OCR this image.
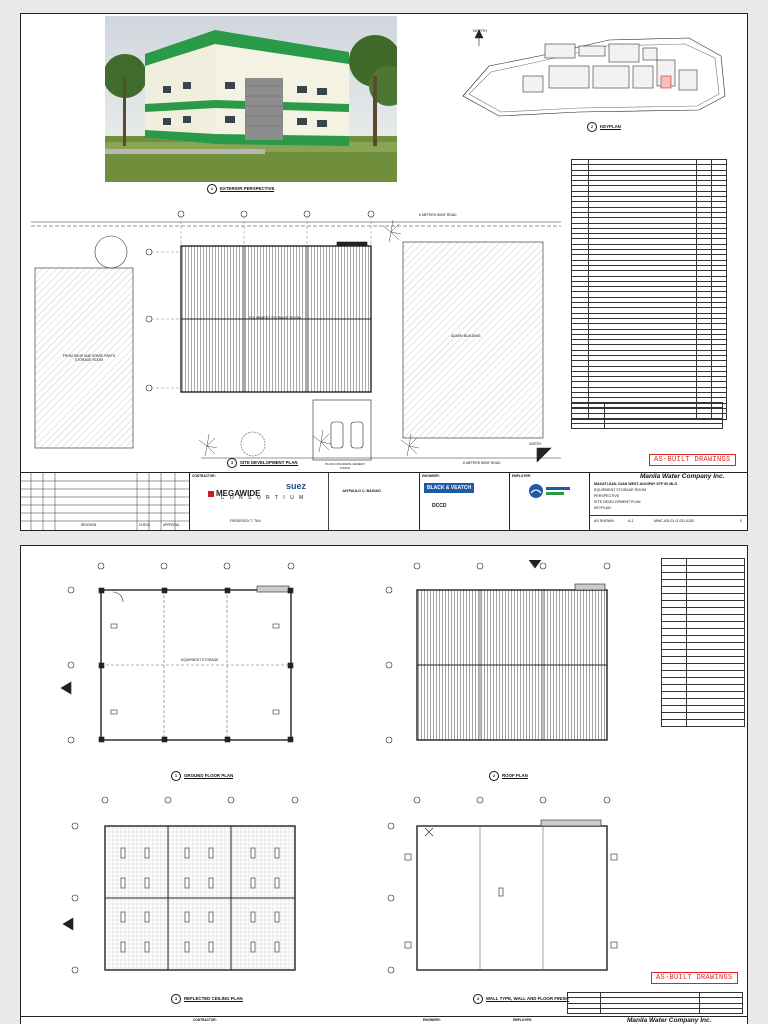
1 EXTERIOR PERSPECTIVE
NORTH
2 KEYPLAN

EQUIPMENT STORAGE ROOM
FROM SHOP AND SPARE PARTS STORAGE ROOM
ADMIN BUILDING
6 METERS WIDE ROAD
6 METERS WIDE ROAD
PLAIN CONCRETE CEMENT FINISH
NORTH
3 SITE DEVELOPMENT PLAN	AS-BUILT DRAWINGS
REVISION	CHECK	APPROVAL
CONTRACTOR:
MEGAWIDE
suez
C O N S O R T I U M
FREDERICK T. TAN
JAYPAULO C. BAGUIO
ENGINEER:
BLACK & VEATCH
DCCD
EMPLOYER:	Manila Water Company Inc.
MAKATI-SAN JUAN WEST-AGUIPAY STP 60 MLD
EQUIPMENT STORAGE ROOM
PERSPECTIVE
SITE DEVELOPMENT PLAN
KEYPLAN
AS SHOWN	A-1	MWC-AR-01-G-DD-0100	0
EQUIPMENT STORAGE
1 GROUND FLOOR PLAN	2 ROOF PLAN

3 REFLECTED CEILING PLAN	4 WALL TYPE, WALL AND FLOOR FINISH
AS-BUILT DRAWINGS

CONTRACTOR:	ENGINEER:	EMPLOYER:	Manila Water Company Inc.
